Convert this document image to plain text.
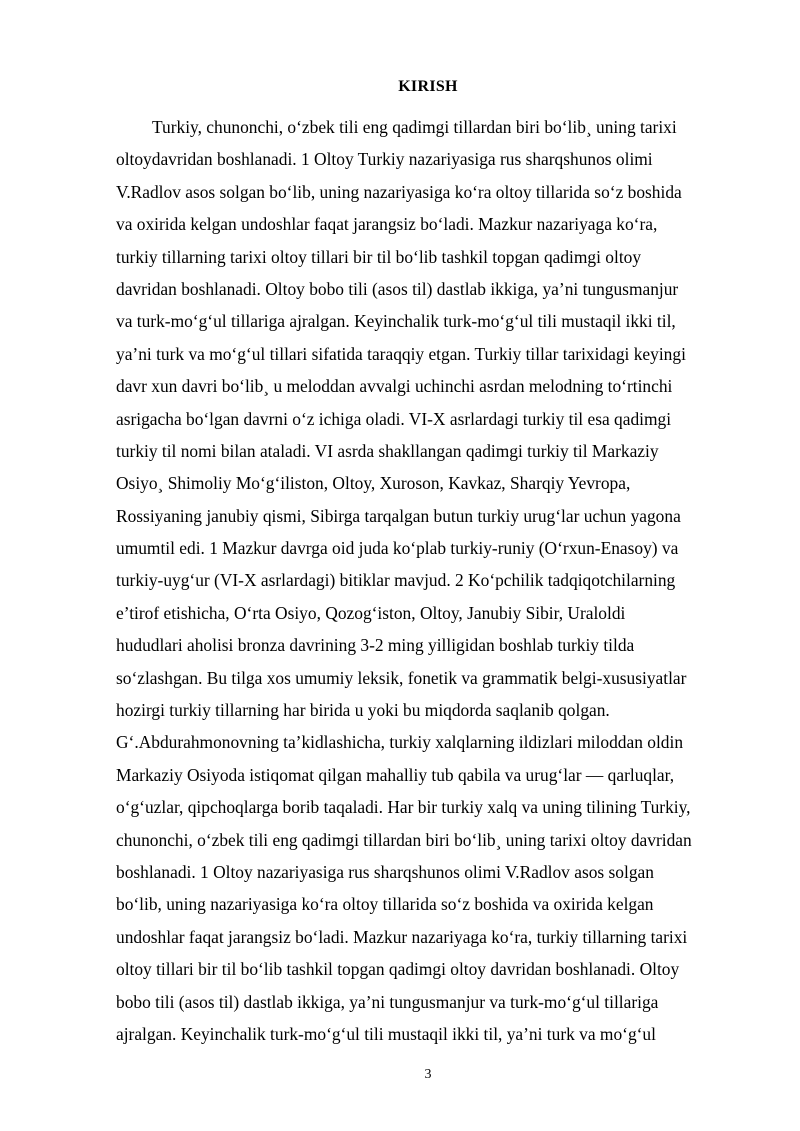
KIRISH
Turkiy, chunonchi, o‘zbek tili eng qadimgi tillardan biri bo‘lib¸ uning tarixi
oltoydavridan boshlanadi. 1 Oltoy Turkiy nazariyasiga rus sharqshunos olimi
V.Radlov asos solgan bo‘lib, uning nazariyasiga ko‘ra oltoy tillarida so‘z boshida
va oxirida kelgan undoshlar faqat jarangsiz bo‘ladi. Mazkur nazariyaga ko‘ra,
turkiy tillarning tarixi oltoy tillari bir til bo‘lib tashkil topgan qadimgi oltoy
davridan boshlanadi. Oltoy bobo tili (asos til) dastlab ikkiga, ya’ni tungusmanjur
va turk-mo‘g‘ul tillariga ajralgan. Keyinchalik turk-mo‘g‘ul tili mustaqil ikki til,
ya’ni turk va mo‘g‘ul tillari sifatida taraqqiy etgan. Turkiy tillar tarixidagi keyingi
davr xun davri bo‘lib¸ u meloddan avvalgi uchinchi asrdan melodning to‘rtinchi
asrigacha bo‘lgan davrni o‘z ichiga oladi. VI-X asrlardagi turkiy til esa qadimgi
turkiy til nomi bilan ataladi. VI asrda shakllangan qadimgi turkiy til Markaziy
Osiyo¸ Shimoliy Mo‘g‘iliston, Oltoy, Xuroson, Kavkaz, Sharqiy Yevropa,
Rossiyaning janubiy qismi, Sibirga tarqalgan butun turkiy urug‘lar uchun yagona
umumtil edi. 1 Mazkur davrga oid juda ko‘plab turkiy-runiy (O‘rxun-Enasoy) va
turkiy-uyg‘ur (VI-X asrlardagi) bitiklar mavjud. 2 Ko‘pchilik tadqiqotchilarning
e’tirof etishicha, O‘rta Osiyo, Qozog‘iston, Oltoy, Janubiy Sibir, Uraloldi
hududlari aholisi bronza davrining 3-2 ming yilligidan boshlab turkiy tilda
so‘zlashgan. Bu tilga xos umumiy leksik, fonetik va grammatik belgi-xususiyatlar
hozirgi turkiy tillarning har birida u yoki bu miqdorda saqlanib qolgan.
G‘.Abdurahmonovning ta’kidlashicha, turkiy xalqlarning ildizlari miloddan oldin
Markaziy Osiyoda istiqomat qilgan mahalliy tub qabila va urug‘lar — qarluqlar,
o‘g‘uzlar, qipchoqlarga borib taqaladi. Har bir turkiy xalq va uning tilining Turkiy,
chunonchi, o‘zbek tili eng qadimgi tillardan biri bo‘lib¸ uning tarixi oltoy davridan
boshlanadi. 1 Oltoy nazariyasiga rus sharqshunos olimi V.Radlov asos solgan
bo‘lib, uning nazariyasiga ko‘ra oltoy tillarida so‘z boshida va oxirida kelgan
undoshlar faqat jarangsiz bo‘ladi. Mazkur nazariyaga ko‘ra, turkiy tillarning tarixi
oltoy tillari bir til bo‘lib tashkil topgan qadimgi oltoy davridan boshlanadi. Oltoy
bobo tili (asos til) dastlab ikkiga, ya’ni tungusmanjur va turk-mo‘g‘ul tillariga
ajralgan. Keyinchalik turk-mo‘g‘ul tili mustaqil ikki til, ya’ni turk va mo‘g‘ul
3
